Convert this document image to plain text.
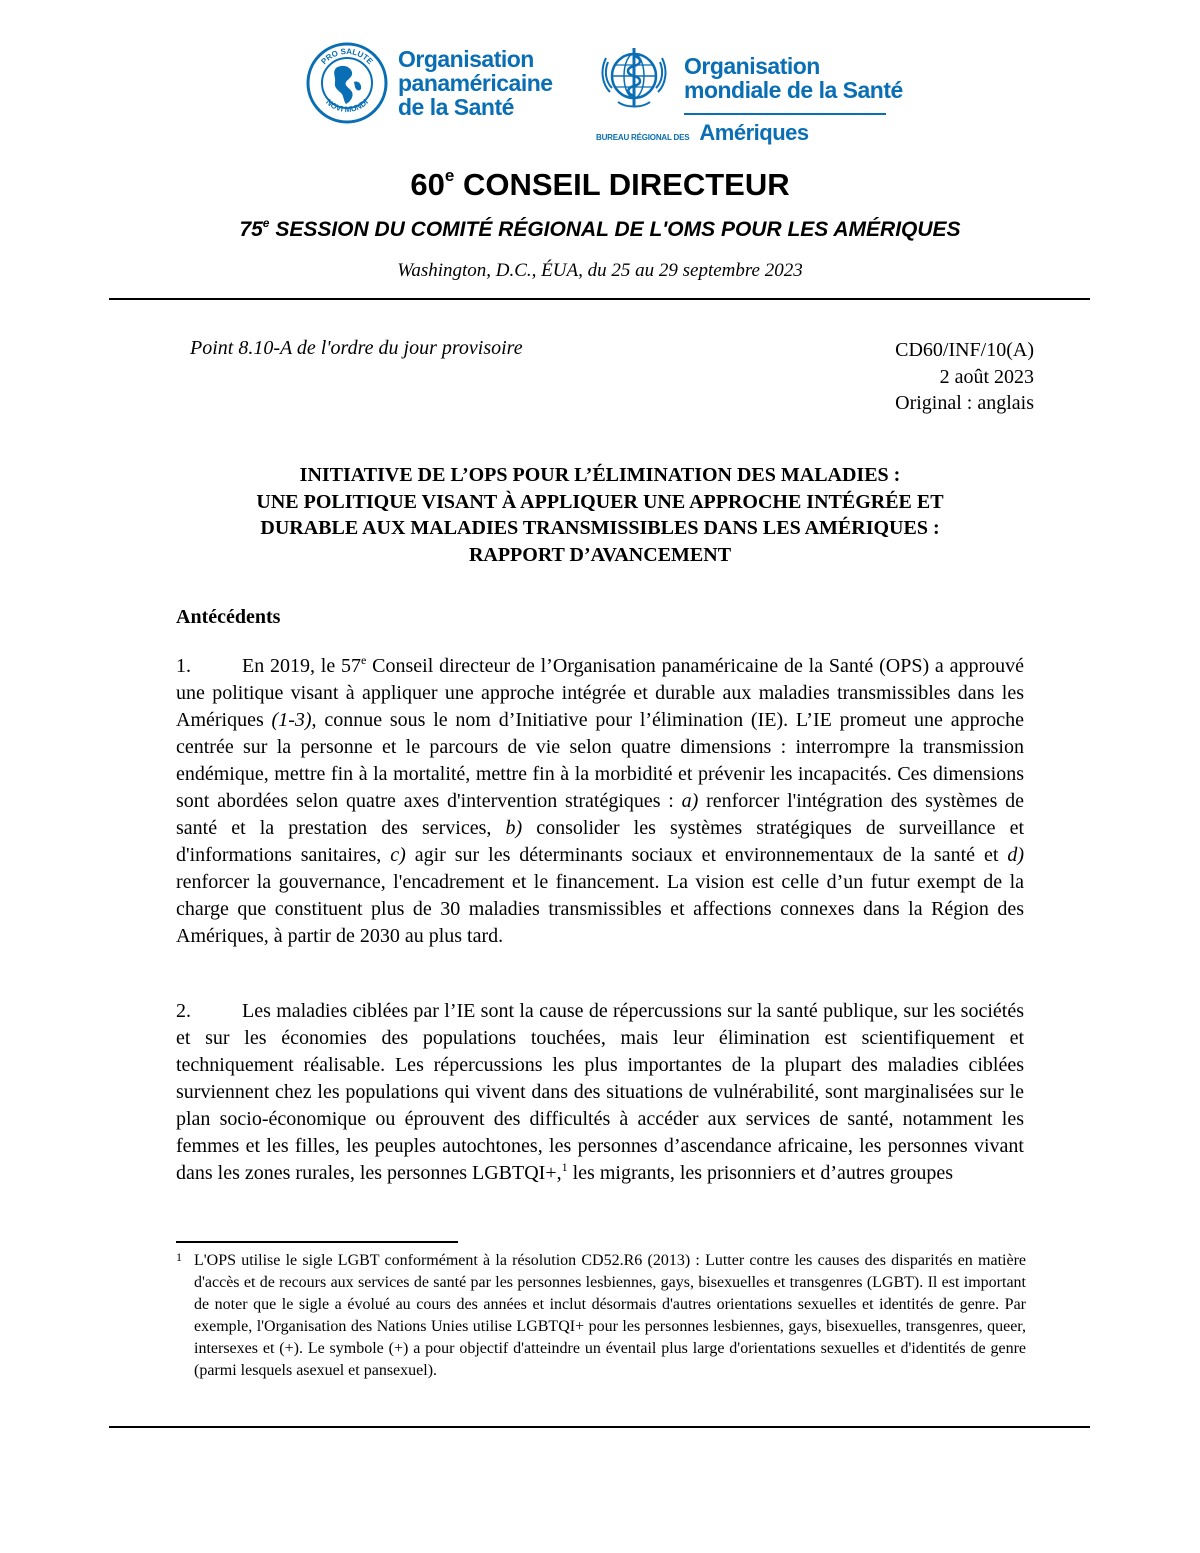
PRO SALUTE
NOVI MUNDI
Organisation
panaméricaine
de la Santé
Organisation
mondiale de la Santé
BUREAU RÉGIONAL DES Amériques
60e CONSEIL DIRECTEUR
75e SESSION DU COMITÉ RÉGIONAL DE L'OMS POUR LES AMÉRIQUES
Washington, D.C., ÉUA, du 25 au 29 septembre 2023
Point 8.10-A de l'ordre du jour provisoire	CD60/INF/10(A)
2 août 2023
Original : anglais
INITIATIVE DE L’OPS POUR L’ÉLIMINATION DES MALADIES :
UNE POLITIQUE VISANT À APPLIQUER UNE APPROCHE INTÉGRÉE ET
DURABLE AUX MALADIES TRANSMISSIBLES DANS LES AMÉRIQUES :
RAPPORT D’AVANCEMENT
Antécédents
1.	En 2019, le 57e Conseil directeur de l’Organisation panaméricaine de la Santé (OPS) a approuvé une politique visant à appliquer une approche intégrée et durable aux maladies transmissibles dans les Amériques (1-3), connue sous le nom d’Initiative pour l’élimination (IE). L’IE promeut une approche centrée sur la personne et le parcours de vie selon quatre dimensions : interrompre la transmission endémique, mettre fin à la mortalité, mettre fin à la morbidité et prévenir les incapacités. Ces dimensions sont abordées selon quatre axes d'intervention stratégiques : a) renforcer l'intégration des systèmes de santé et la prestation des services, b) consolider les systèmes stratégiques de surveillance et d'informations sanitaires, c) agir sur les déterminants sociaux et environnementaux de la santé et d) renforcer la gouvernance, l'encadrement et le financement. La vision est celle d’un futur exempt de la charge que constituent plus de 30 maladies transmissibles et affections connexes dans la Région des Amériques, à partir de 2030 au plus tard.
2.	Les maladies ciblées par l’IE sont la cause de répercussions sur la santé publique, sur les sociétés et sur les économies des populations touchées, mais leur élimination est scientifiquement et techniquement réalisable. Les répercussions les plus importantes de la plupart des maladies ciblées surviennent chez les populations qui vivent dans des situations de vulnérabilité, sont marginalisées sur le plan socio-économique ou éprouvent des difficultés à accéder aux services de santé, notamment les femmes et les filles, les peuples autochtones, les personnes d’ascendance africaine, les personnes vivant dans les zones rurales, les personnes LGBTQI+,$^1$ les migrants, les prisonniers et d’autres groupes
1 L'OPS utilise le sigle LGBT conformément à la résolution CD52.R6 (2013) : Lutter contre les causes des disparités en matière d'accès et de recours aux services de santé par les personnes lesbiennes, gays, bisexuelles et transgenres (LGBT). Il est important de noter que le sigle a évolué au cours des années et inclut désormais d'autres orientations sexuelles et identités de genre. Par exemple, l'Organisation des Nations Unies utilise LGBTQI+ pour les personnes lesbiennes, gays, bisexuelles, transgenres, queer, intersexes et (+). Le symbole (+) a pour objectif d'atteindre un éventail plus large d'orientations sexuelles et d'identités de genre (parmi lesquels asexuel et pansexuel).
